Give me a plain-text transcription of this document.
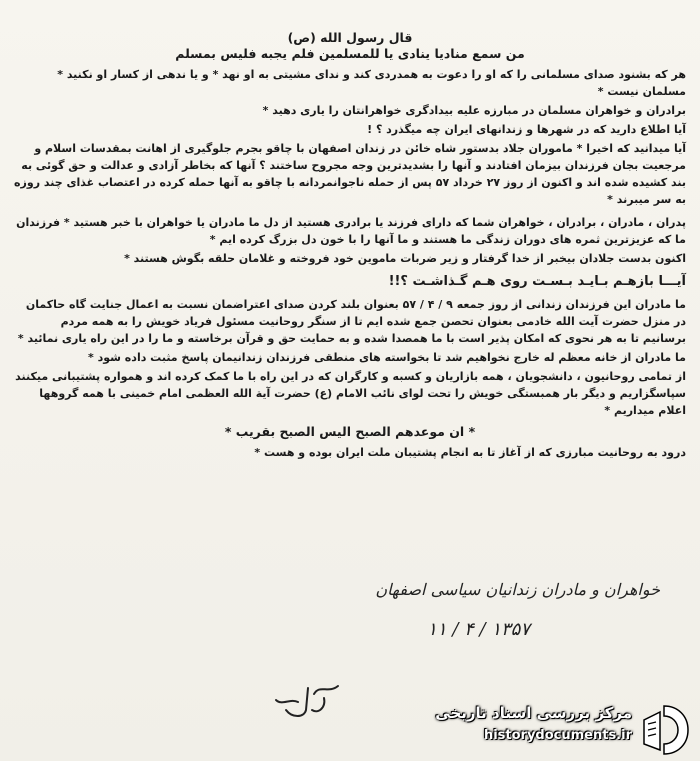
قال رسول الله (ص)
من سمع منادیا ینادی یا للمسلمین فلم یجبه فلیس بمسلم

هر که بشنود صدای مسلمانی را که او را دعوت به همدردی کند و ندای مشیتی به او نهد * و یا ندهی از کسار او نکنید * مسلمان نیست *

برادران و خواهران مسلمان در مبارزه علیه بیدادگری خواهرانتان را یاری دهید *

آیا اطلاع دارید که در شهرها و زندانهای ایران چه میگذرد ؟ !

آیا میدانید که اخیرا * ماموران جلاد بدستور شاه خائن در زندان اصفهان با چاقو بجرم جلوگیری از اهانت بمقدسات اسلام و مرجعیت بجان فرزندان بیزمان افتادند و آنها را بشدیدترین وجه مجروح ساختند ؟ آنها که بخاطر آزادی و عدالت و حق گوئی به بند کشیده شده اند و اکنون از روز ۲۷ خرداد ۵۷ پس از حمله ناجوانمردانه با چاقو به آنها حمله کرده در اعتصاب غذای چند روزه به سر میبرند *

پدران ، مادران ، برادران ، خواهران شما که دارای فرزند یا برادری هستید از دل ما مادران یا خواهران با خبر هستید * فرزندان ما که عزیزترین ثمره های دوران زندگی ما هستند و ما آنها را با خون دل بزرگ کرده ایم *

اکنون بدست جلادان بیخبر از خدا گرفتار و زیر ضربات ماموین خود فروخته و غلامان حلقه بگوش هستند *

آیـــا بازهـم بـایـد بـسـت روی هـم گـذاشـت ؟!!

ما مادران این فرزندان زندانی از روز جمعه ۹ / ۴ / ۵۷ بعنوان بلند کردن صدای اعتراضمان نسبت به اعمال جنایت گاه حاکمان در منزل حضرت آیت الله خادمی بعنوان تحصن جمع شده ایم تا از سنگر روحانیت مسئول فریاد خویش را به همه مردم برسانیم تا به هر نحوی که امکان پذیر است با ما همصدا شده و به حمایت حق و قرآن برخاسته و ما را در این راه یاری نمائید *

ما مادران از خانه معظم له خارج نخواهیم شد تا بخواسته های منطقی فرزندان زندانیمان پاسخ مثبت داده شود *

از تمامی روحانیون ، دانشجویان ، همه بازاریان و کسبه و کارگران که در این راه با ما کمک کرده اند و همواره پشتیبانی میکنند سپاسگزاریم و دیگر بار همبستگی خویش را تحت لوای نائب الامام (ع) حضرت آیة الله العظمی امام خمینی با همه گروهها اعلام میداریم *

* ان موعدهم الصبح الیس الصبح بقریب *

درود به روحانیت مبارزی که از آغاز تا به انجام پشتیبان ملت ایران بوده و هست *

خواهران و مادران زندانیان سیاسی اصفهان
۱۳۵۷ / ۴ / ۱۱
مرکز بررسی اسناد تاریخی
historydocuments.ir
